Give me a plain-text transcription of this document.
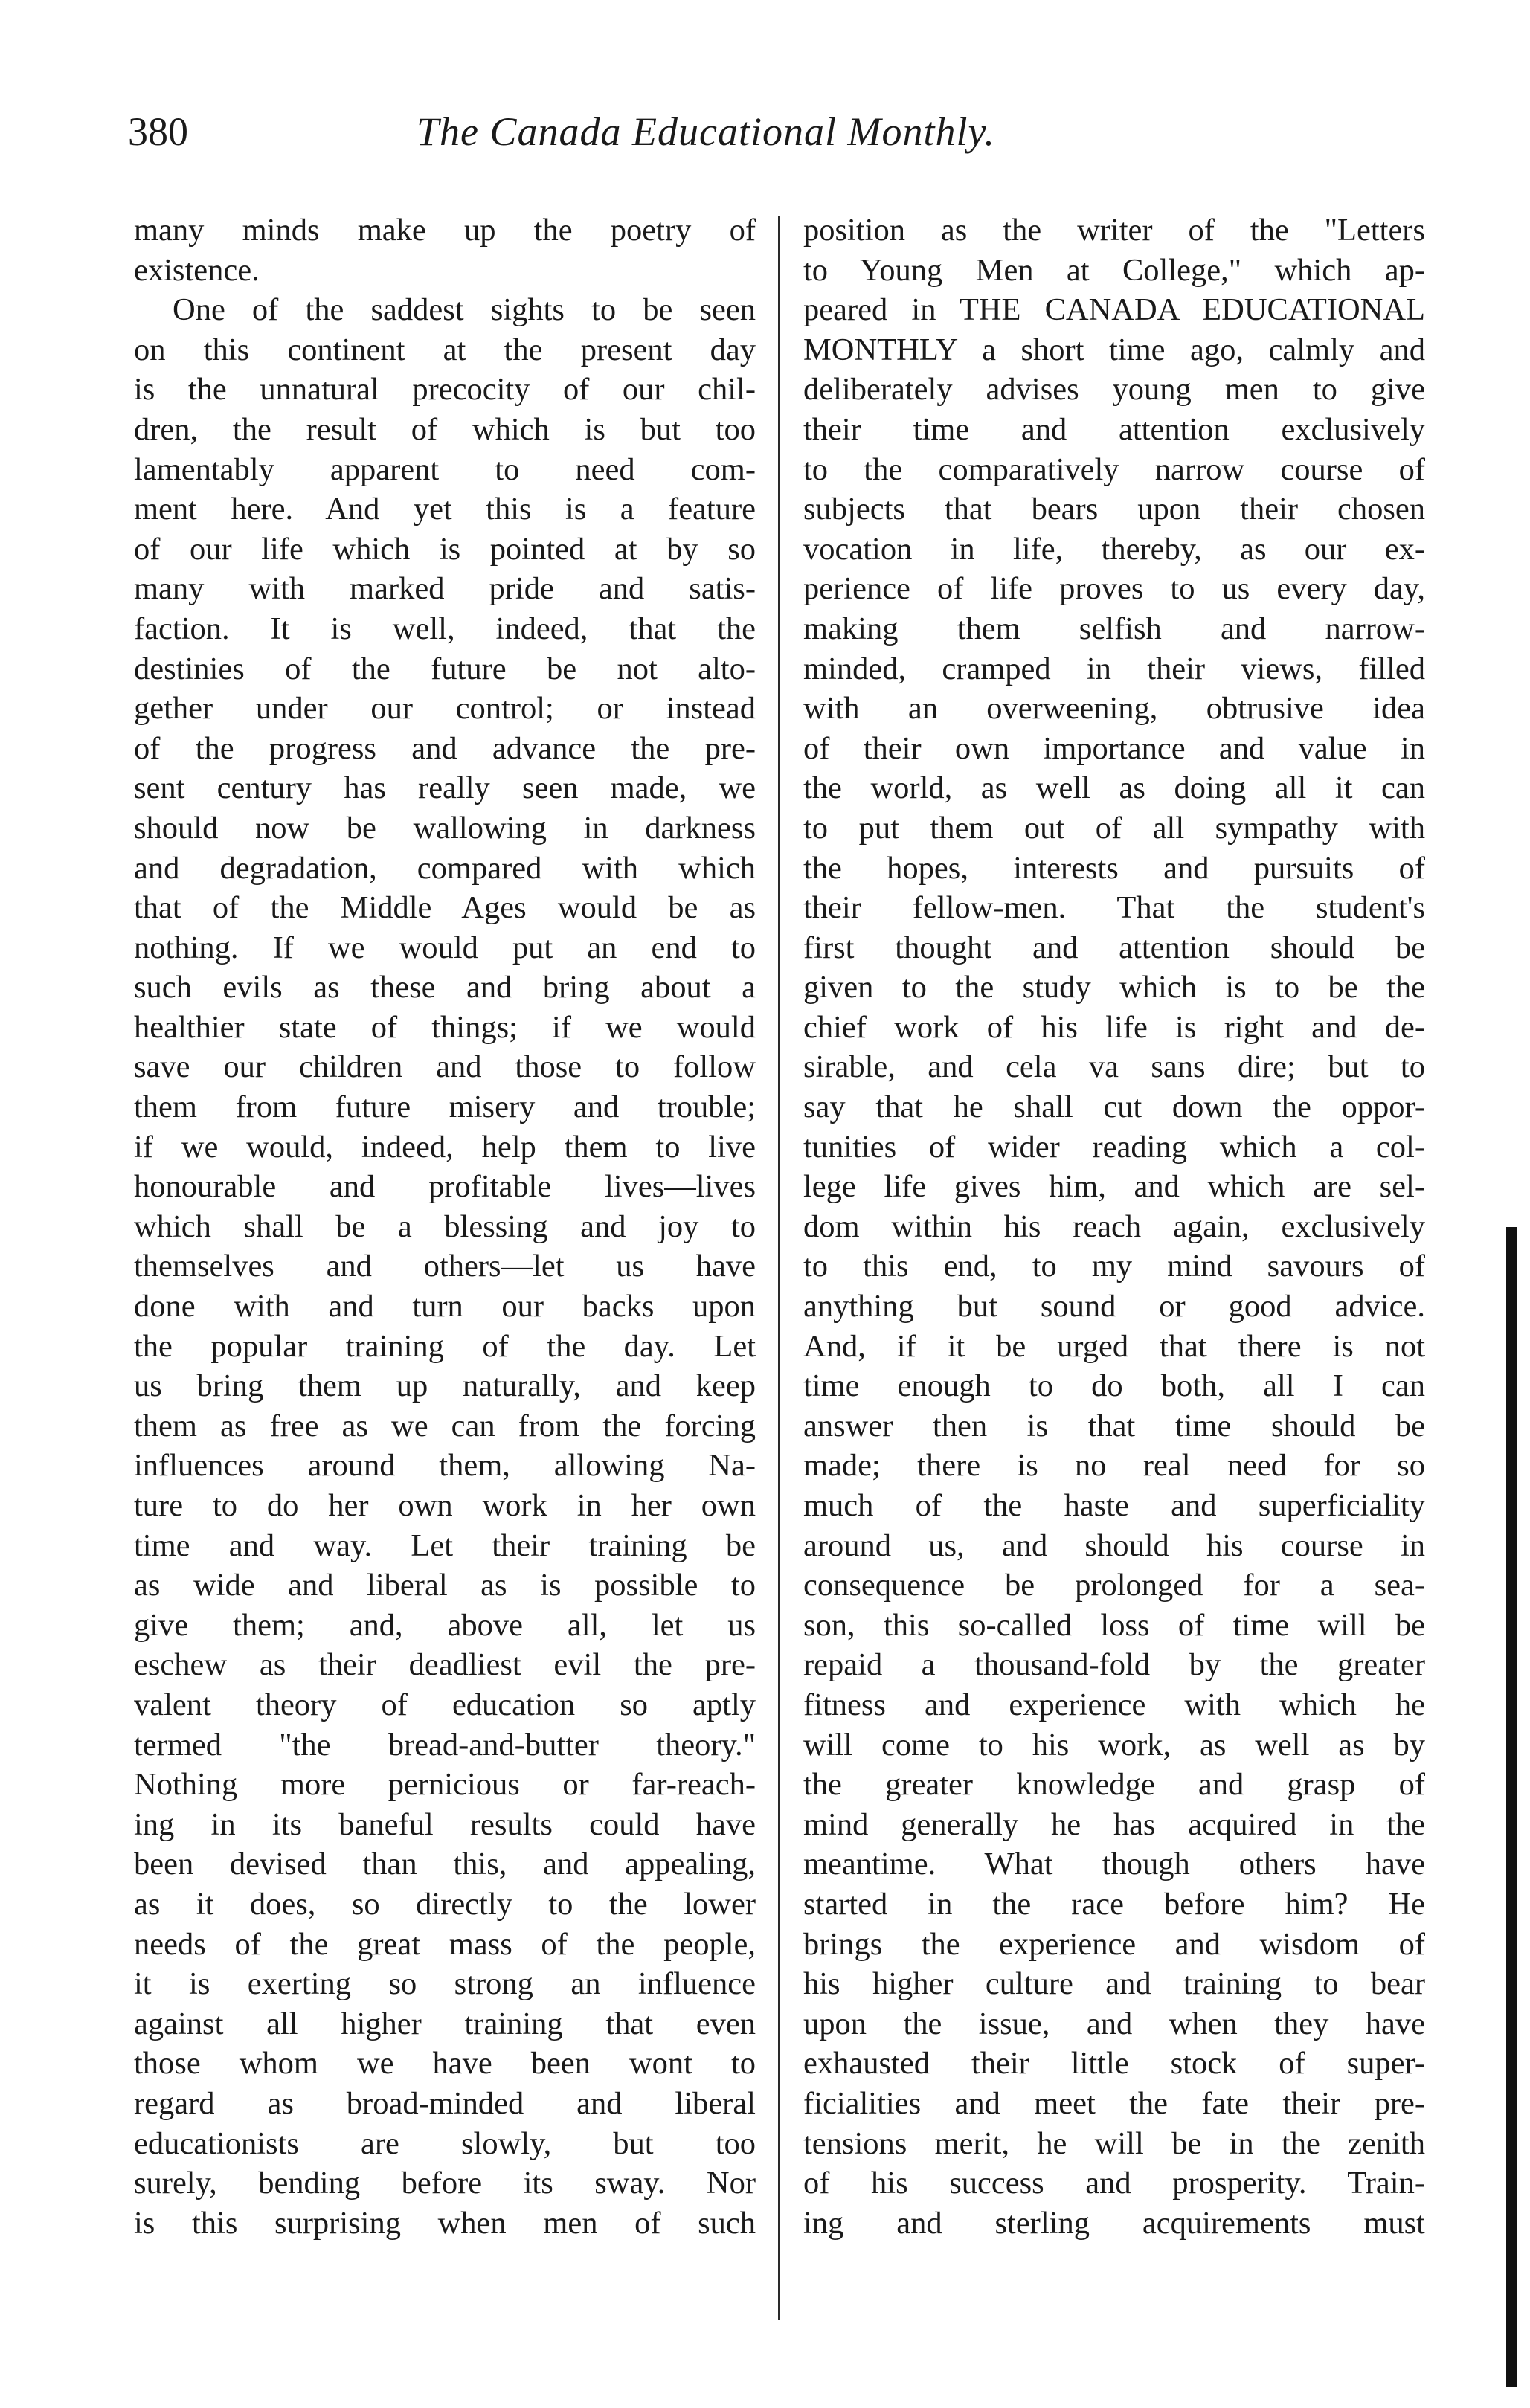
380	The Canada Educational Monthly.
many minds make up the poetry of
existence.
One of the saddest sights to be seen
on this continent at the present day
is the unnatural precocity of our chil-
dren, the result of which is but too
lamentably apparent to need com-
ment here. And yet this is a feature
of our life which is pointed at by so
many with marked pride and satis-
faction. It is well, indeed, that the
destinies of the future be not alto-
gether under our control; or instead
of the progress and advance the pre-
sent century has really seen made, we
should now be wallowing in darkness
and degradation, compared with which
that of the Middle Ages would be as
nothing. If we would put an end to
such evils as these and bring about a
healthier state of things; if we would
save our children and those to follow
them from future misery and trouble;
if we would, indeed, help them to live
honourable and profitable lives—lives
which shall be a blessing and joy to
themselves and others—let us have
done with and turn our backs upon
the popular training of the day. Let
us bring them up naturally, and keep
them as free as we can from the forcing
influences around them, allowing Na-
ture to do her own work in her own
time and way. Let their training be
as wide and liberal as is possible to
give them; and, above all, let us
eschew as their deadliest evil the pre-
valent theory of education so aptly
termed "the bread-and-butter theory."
Nothing more pernicious or far-reach-
ing in its baneful results could have
been devised than this, and appealing,
as it does, so directly to the lower
needs of the great mass of the people,
it is exerting so strong an influence
against all higher training that even
those whom we have been wont to
regard as broad-minded and liberal
educationists are slowly, but too
surely, bending before its sway. Nor
is this surprising when men of such
position as the writer of the "Letters
to Young Men at College," which ap-
peared in THE CANADA EDUCATIONAL
MONTHLY a short time ago, calmly and
deliberately advises young men to give
their time and attention exclusively
to the comparatively narrow course of
subjects that bears upon their chosen
vocation in life, thereby, as our ex-
perience of life proves to us every day,
making them selfish and narrow-
minded, cramped in their views, filled
with an overweening, obtrusive idea
of their own importance and value in
the world, as well as doing all it can
to put them out of all sympathy with
the hopes, interests and pursuits of
their fellow-men. That the student's
first thought and attention should be
given to the study which is to be the
chief work of his life is right and de-
sirable, and cela va sans dire; but to
say that he shall cut down the oppor-
tunities of wider reading which a col-
lege life gives him, and which are sel-
dom within his reach again, exclusively
to this end, to my mind savours of
anything but sound or good advice.
And, if it be urged that there is not
time enough to do both, all I can
answer then is that time should be
made; there is no real need for so
much of the haste and superficiality
around us, and should his course in
consequence be prolonged for a sea-
son, this so-called loss of time will be
repaid a thousand-fold by the greater
fitness and experience with which he
will come to his work, as well as by
the greater knowledge and grasp of
mind generally he has acquired in the
meantime. What though others have
started in the race before him? He
brings the experience and wisdom of
his higher culture and training to bear
upon the issue, and when they have
exhausted their little stock of super-
ficialities and meet the fate their pre-
tensions merit, he will be in the zenith
of his success and prosperity. Train-
ing and sterling acquirements must
